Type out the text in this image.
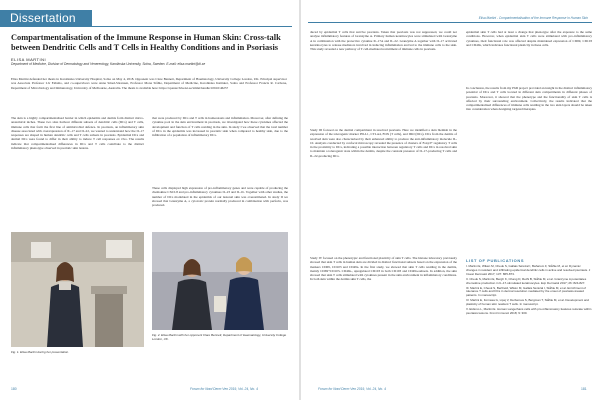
Dissertation	Elisa Martini - Compartmentalisation of the Immune Response in Human Skin
Compartmentalisation of the Immune Response in Human Skin: Cross-talk between Dendritic Cells and T Cells in Healthy Conditions and in Psoriasis
ELISA MARTINI
Department of Medicine, Division of Dermatology and Venereology, Karolinska University, Solna, Sweden. E-mail: elisa.martini@ki.se
Elisa Martini defended her thesis in Karolinska University Hospital, Solna on May 4, 2018. Opponent was Clare Bennett, Department of Haematology, University College London, UK. Principal supervisor was Associate Professor Liv Eidsmo, and co-supervisors were Anna Smed-Sörensen, Professor Mona Ståhle, Department of Medicine, Karolinska Institutet, Solna and Professor Francis R. Carbone, Department of Microbiology and Immunology, University of Melbourne, Australia. The thesis is available here: https://openarchive.ki.se/xmlui/handle/10616/46257
The skin is a highly compartmentalised barrier in which epidermis and dermis form distinct micro-anatomical niches. These two sites harbour different subsets of dendritic cells (DCs) and T cells, immune cells that form the first line of antimicrobial defence. In psoriasis, an inflammatory skin disease associated with overexpression of IL-17 and IL-22, we wanted to understand how the IL-17 responses are shaped in human dendritic cells and T cells subsets in psoriasis. Epidermal DCs and dermal DCs were found to differ in their ability to induce T cell responses ex vivo. The results indicate that compartmentalised differences in DCs and T cells contribute to the distinct inflammatory phenotype observed in psoriatic skin lesions.
that were produced by DCs and T cells in homeostasis and inflammation. Moreover, after defining the cytokine pool in the skin environment in psoriasis, we investigated how these cytokines affected the development and function of T cells residing in the skin. In study I we observed that the total number of DCs in the epidermis was increased in psoriatic skin when compared to healthy skin, due to the infiltration of a population of inflammatory DCs.
These cells displayed high expression of pro-inflammatory genes and were capable of producing the chemokine CXCL8 and pro-inflammatory cytokines IL-23 and IL-1b. Together with other studies, the number of DCs modulated in the epidermis of our lesional skin was overestimated. In study II we showed that Granzyme A, a cytotoxic protein normally produced in combination with perforin, was produced.
Fig. 1. Elisa Martini during her presentation.
Fig. 2. Elisa Martini with her opponent Clare Bennett, Department of Haematology, University College London, UK.
duced by epidermal T cells that survive psoriasis. Taken that psoriasis was not suppressed, we could not analyse inflammatory features of Granzyme A. Primary human keratinocytes were stimulated with Granzyme A in combination with the protective cytokine IL-17A and IL-22. Granzyme A together with IL-17 activated keratinocytes to release mediators involved in inducing inflammation and led to the immune cells to the skin. This study revealed a new pathway of T cell-mediated recruitment of immune cells in psoriasis.
Study III focused on the dermal compartment in resolved psoriasis. Here we identified a skin blemish in the expression of the tolerogenic marker PD-L1, CTLA4, FOX (T cells), and IDO (DCs). DCs from the dermis of resolved skin were also characterised by their enhanced ability to produce the anti-inflammatory molecule IL-10. Analysis conducted by confocal microscopy revealed the presence of clusters of Foxp3+ regulatory T cells in the proximity to DCs, indicating a possible interaction between regulatory T cells and DCs in resolved skin to maintain a tolerogenic state within the dermis, despite the constant presence of IL-17-producing T cells and IL-22-producing DCs.
Study IV focused on the phenotypic and functional plasticity of skin T cells. The histone laboratory previously showed that skin T cells in human skin are divided in distinct functional subsets based on the expression of the markers CD69, CD103 and CD49a. In the first study, we showed that skin T cells residing in the dermis, mainly CD69+CD103- CD49a-, upregulated CD103 in both CD103 and CD49a-subsets. In addition, the skin showed that skin T cells stimulated with cytokines present in the skin environment in inflammatory conditions. In both skin within the dermis skin T cells, the
epidermal skin T cells had at least a change that phenotype after the exposure to the same conditions. However, when epidermal skin T cells were stimulated with pro-inflammatory cytokines, their functional role was affected despite maintained expression of CD69, CD103 and CD49a, which indicates functional plasticity in these cells.
In conclusion, the results from my PhD project provided an insight in the distinct inflammatory potential of DCs and T cells located in different skin compartments in different phases of psoriasis. Moreover, it showed that the phenotype and the functionality of skin T cells is affected by their surrounding environment. Collectively, the results indicated that the compartmentalised differences of immune cells residing in the two skin layers should be taken into consideration when designing targeted therapies.
LIST OF PUBLICATIONS
I. Martini E, Wikén M, Cheuk S, Gallais Sérézal I, Baharom F, Ståhle M, et al. Dynamic changes in resident and infiltrating epidermal dendritic cells in active and resolved psoriasis. J Invest Dermatol 2017; 137: 865-873.
II. Cheuk S, Martini E, Bergh K, Chang D, Rethi B, Ståhle M, et al. Granzyme A potentiates chemokine production in IL-17-stimulated keratinocytes. Exp Dermatol 2017; 26: 824-827.
III. Martini E, Cheuk S, Bertheld, Wikén M, Gallais Sérézal I, Ståhle M, et al. Enrichment of tolerance T cells and DCs in dermal resolution mediated by the onset of psoriasis-treated patients. In manuscript.
IV. Martini E, Fornasa G, Lipej V, Derbersus S, Bergman T, Ståhle M, et al. Development and plasticity of human skin resident T cells. In manuscript.
V. Eidsmo L, Martini E. Human Langerhans cells with pro-inflammatory features relocate within psoriasis lesions. Front Immunol 2018; 9: 300.
180	Forum for Nord Derm Ven 2019, Vol. 24, No. 4	Forum for Nord Derm Ven 2019, Vol. 24, No. 4	181
